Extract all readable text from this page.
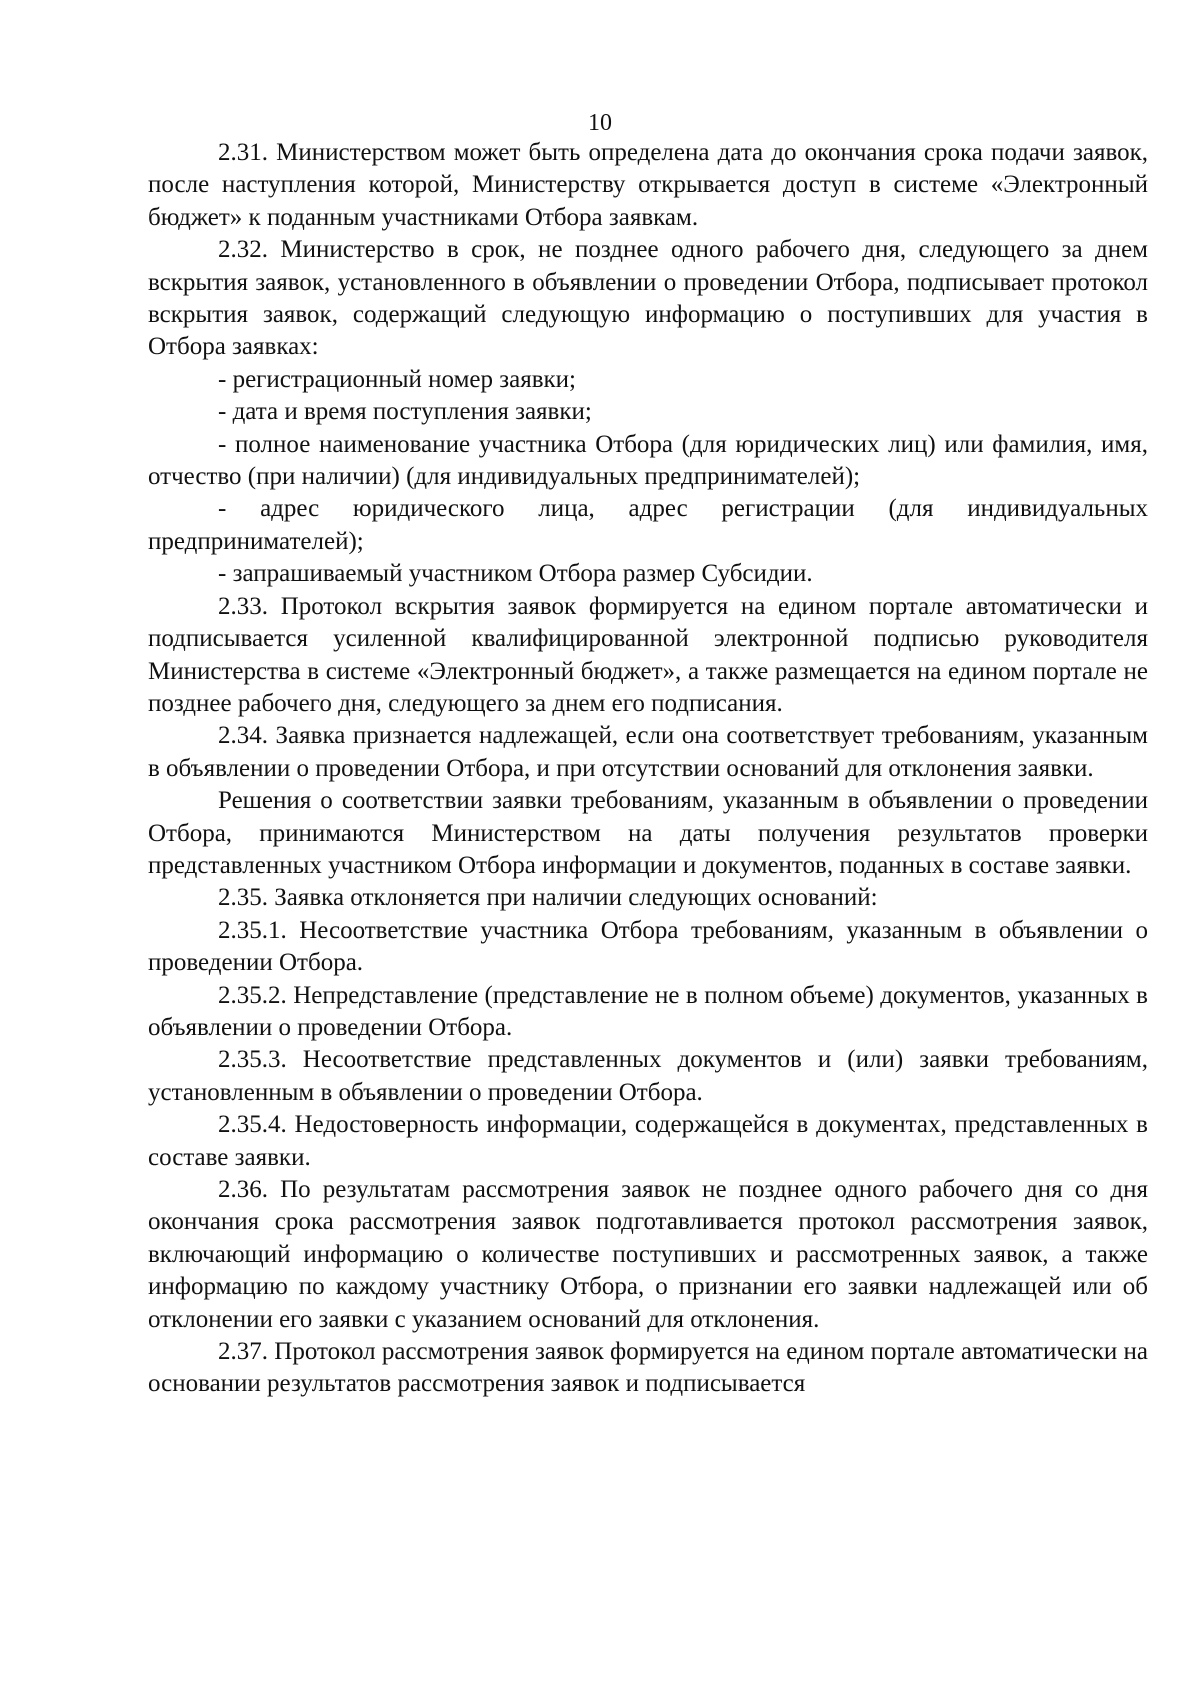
10

2.31. Министерством может быть определена дата до окончания срока подачи заявок, после наступления которой, Министерству открывается доступ в системе «Электронный бюджет» к поданным участниками Отбора заявкам.

2.32. Министерство в срок, не позднее одного рабочего дня, следующего за днем вскрытия заявок, установленного в объявлении о проведении Отбора, подписывает протокол вскрытия заявок, содержащий следующую информацию о поступивших для участия в Отбора заявках:

- регистрационный номер заявки;

- дата и время поступления заявки;

- полное наименование участника Отбора (для юридических лиц) или фамилия, имя, отчество (при наличии) (для индивидуальных предпринимателей);

- адрес юридического лица, адрес регистрации (для индивидуальных предпринимателей);

- запрашиваемый участником Отбора размер Субсидии.

2.33. Протокол вскрытия заявок формируется на едином портале автоматически и подписывается усиленной квалифицированной электронной подписью руководителя Министерства в системе «Электронный бюджет», а также размещается на едином портале не позднее рабочего дня, следующего за днем его подписания.

2.34. Заявка признается надлежащей, если она соответствует требованиям, указанным в объявлении о проведении Отбора, и при отсутствии оснований для отклонения заявки.

Решения о соответствии заявки требованиям, указанным в объявлении о проведении Отбора, принимаются Министерством на даты получения результатов проверки представленных участником Отбора информации и документов, поданных в составе заявки.

2.35. Заявка отклоняется при наличии следующих оснований:

2.35.1. Несоответствие участника Отбора требованиям, указанным в объявлении о проведении Отбора.

2.35.2. Непредставление (представление не в полном объеме) документов, указанных в объявлении о проведении Отбора.

2.35.3. Несоответствие представленных документов и (или) заявки требованиям, установленным в объявлении о проведении Отбора.

2.35.4. Недостоверность информации, содержащейся в документах, представленных в составе заявки.

2.36. По результатам рассмотрения заявок не позднее одного рабочего дня со дня окончания срока рассмотрения заявок подготавливается протокол рассмотрения заявок, включающий информацию о количестве поступивших и рассмотренных заявок, а также информацию по каждому участнику Отбора, о признании его заявки надлежащей или об отклонении его заявки с указанием оснований для отклонения.

2.37. Протокол рассмотрения заявок формируется на едином портале автоматически на основании результатов рассмотрения заявок и подписывается
